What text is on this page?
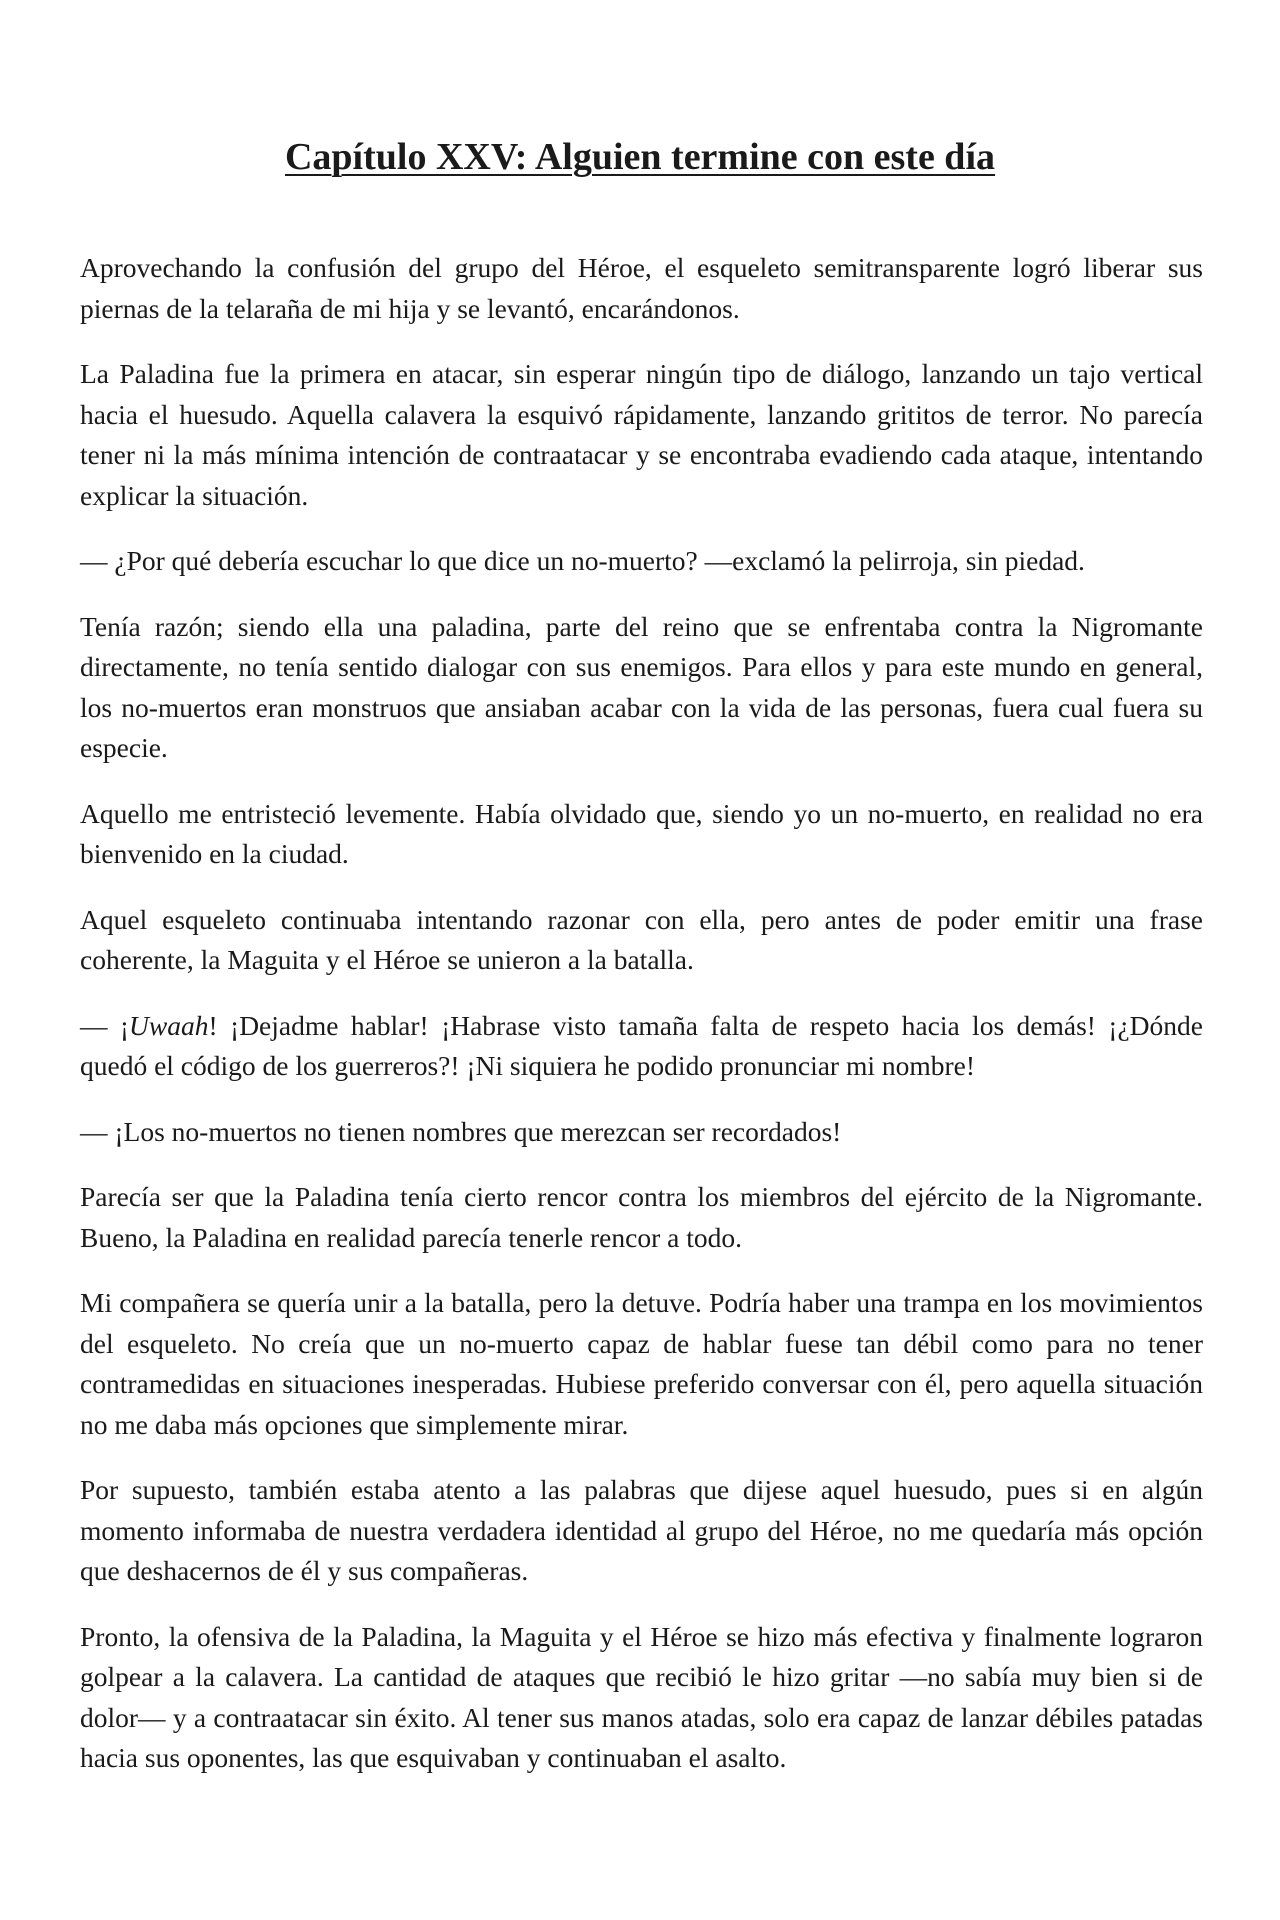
Capítulo XXV: Alguien termine con este día

Aprovechando la confusión del grupo del Héroe, el esqueleto semitransparente logró liberar sus piernas de la telaraña de mi hija y se levantó, encarándonos.

La Paladina fue la primera en atacar, sin esperar ningún tipo de diálogo, lanzando un tajo vertical hacia el huesudo. Aquella calavera la esquivó rápidamente, lanzando grititos de terror. No parecía tener ni la más mínima intención de contraatacar y se encontraba evadiendo cada ataque, intentando explicar la situación.

— ¿Por qué debería escuchar lo que dice un no-muerto? —exclamó la pelirroja, sin piedad.

Tenía razón; siendo ella una paladina, parte del reino que se enfrentaba contra la Nigromante directamente, no tenía sentido dialogar con sus enemigos. Para ellos y para este mundo en general, los no-muertos eran monstruos que ansiaban acabar con la vida de las personas, fuera cual fuera su especie.

Aquello me entristeció levemente. Había olvidado que, siendo yo un no-muerto, en realidad no era bienvenido en la ciudad.

Aquel esqueleto continuaba intentando razonar con ella, pero antes de poder emitir una frase coherente, la Maguita y el Héroe se unieron a la batalla.

— ¡Uwaah! ¡Dejadme hablar! ¡Habrase visto tamaña falta de respeto hacia los demás! ¡¿Dónde quedó el código de los guerreros?! ¡Ni siquiera he podido pronunciar mi nombre!

— ¡Los no-muertos no tienen nombres que merezcan ser recordados!

Parecía ser que la Paladina tenía cierto rencor contra los miembros del ejército de la Nigromante. Bueno, la Paladina en realidad parecía tenerle rencor a todo.

Mi compañera se quería unir a la batalla, pero la detuve. Podría haber una trampa en los movimientos del esqueleto. No creía que un no-muerto capaz de hablar fuese tan débil como para no tener contramedidas en situaciones inesperadas. Hubiese preferido conversar con él, pero aquella situación no me daba más opciones que simplemente mirar.

Por supuesto, también estaba atento a las palabras que dijese aquel huesudo, pues si en algún momento informaba de nuestra verdadera identidad al grupo del Héroe, no me quedaría más opción que deshacernos de él y sus compañeras.

Pronto, la ofensiva de la Paladina, la Maguita y el Héroe se hizo más efectiva y finalmente lograron golpear a la calavera. La cantidad de ataques que recibió le hizo gritar —no sabía muy bien si de dolor— y a contraatacar sin éxito. Al tener sus manos atadas, solo era capaz de lanzar débiles patadas hacia sus oponentes, las que esquivaban y continuaban el asalto.
